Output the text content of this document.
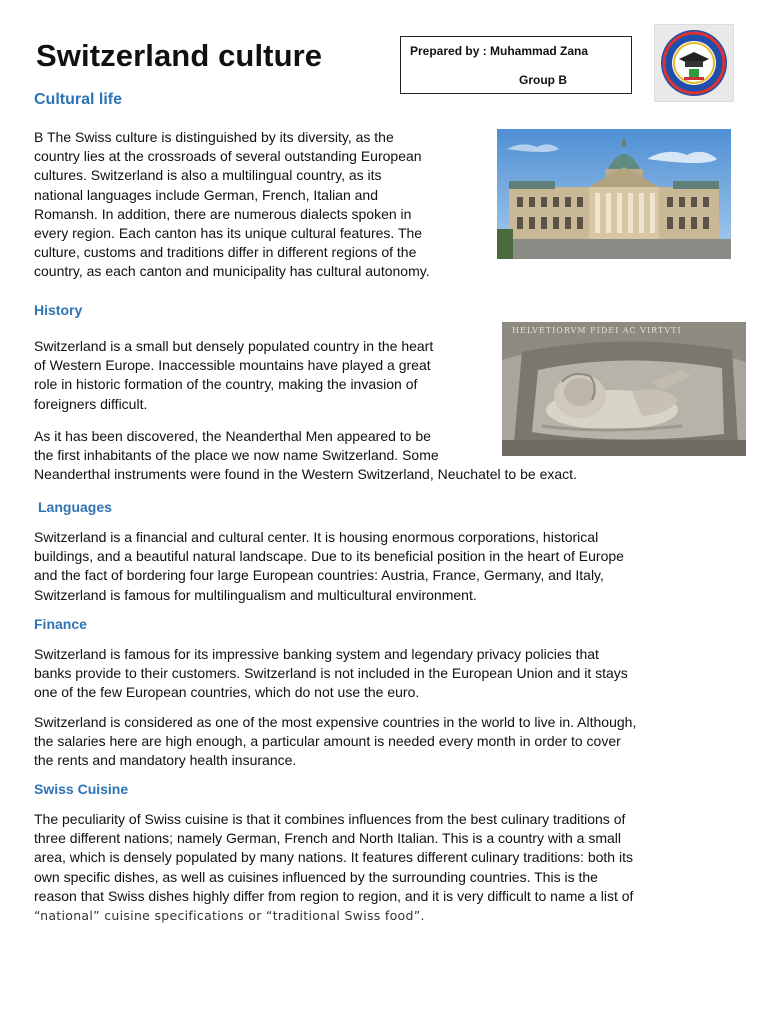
Switzerland culture	Prepared by : Muhammad Zana
Group B
Cultural life

B The Swiss culture is distinguished by its diversity, as the

country lies at the crossroads of several outstanding European

cultures. Switzerland is also a multilingual country, as its

national languages include German, French, Italian and

Romansh. In addition, there are numerous dialects spoken in

every region. Each canton has its unique cultural features. The

culture, customs and traditions differ in different regions of the

country, as each canton and municipality has cultural autonomy.

History

Switzerland is a small but densely populated country in the heart

of Western Europe. Inaccessible mountains have played a great

role in historic formation of the country, making the invasion of

foreigners difficult.

As it has been discovered, the Neanderthal Men appeared to be

the first inhabitants of the place we now name Switzerland. Some

Neanderthal instruments were found in the Western Switzerland, Neuchatel to be exact.

HELVETIORVM FIDEI AC VIRTVTI
Languages

Switzerland is a financial and cultural center. It is housing enormous corporations, historical

buildings, and a beautiful natural landscape. Due to its beneficial position in the heart of Europe

and the fact of bordering four large European countries: Austria, France, Germany, and Italy,

Switzerland is famous for multilingualism and multicultural environment.

Finance

Switzerland is famous for its impressive banking system and legendary privacy policies that

banks provide to their customers. Switzerland is not included in the European Union and it stays

one of the few European countries, which do not use the euro.

Switzerland is considered as one of the most expensive countries in the world to live in. Although,

the salaries here are high enough, a particular amount is needed every month in order to cover

the rents and mandatory health insurance.

Swiss Cuisine

The peculiarity of Swiss cuisine is that it combines influences from the best culinary traditions of

three different nations; namely German, French and North Italian. This is a country with a small

area, which is densely populated by many nations. It features different culinary traditions: both its

own specific dishes, as well as cuisines influenced by the surrounding countries. This is the

reason that Swiss dishes highly differ from region to region, and it is very difficult to name a list of

“national” cuisine specifications or “traditional Swiss food”.
